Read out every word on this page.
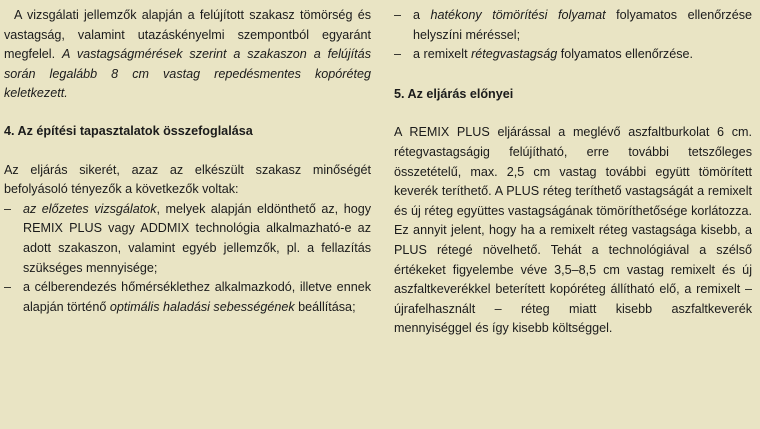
A vizsgálati jellemzők alapján a felújított szakasz tömörség és vastagság, valamint utazáskényelmi szempontból egyaránt megfelel. A vastagságmérések szerint a szakaszon a felújítás során legalább 8 cm vastag repedésmentes kopóréteg keletkezett.

4. Az építési tapasztalatok összefoglalása

Az eljárás sikerét, azaz az elkészült szakasz minőségét befolyásoló tényezők a következők voltak:

– az előzetes vizsgálatok, melyek alapján eldönthető az, hogy REMIX PLUS vagy ADDMIX technológia alkalmazható-e az adott szakaszon, valamint egyéb jellemzők, pl. a fellazítás szükséges mennyisége;
– a célberendezés hőmérséklethez alkalmazkodó, illetve ennek alapján történő optimális haladási sebességének beállítása;
– a hatékony tömörítési folyamat folyamatos ellenőrzése helyszíni méréssel;
– a remixelt rétegvastagság folyamatos ellenőrzése.

5. Az eljárás előnyei

A REMIX PLUS eljárással a meglévő aszfaltburkolat 6 cm. rétegvastagságig felújítható, erre további tetszőleges összetételű, max. 2,5 cm vastag további együtt tömörített keverék teríthető. A PLUS réteg teríthető vastagságát a remixelt és új réteg együttes vastagságának tömöríthetősége korlátozza. Ez annyit jelent, hogy ha a remixelt réteg vastagsága kisebb, a PLUS rétegé növelhető. Tehát a technológiával a szélső értékeket figyelembe véve 3,5–8,5 cm vastag remixelt és új aszfaltkeverékkel beterített kopóréteg állítható elő, a remixelt – újrafelhasznált – réteg miatt kisebb aszfaltkeverék mennyiséggel és így kisebb költséggel.
